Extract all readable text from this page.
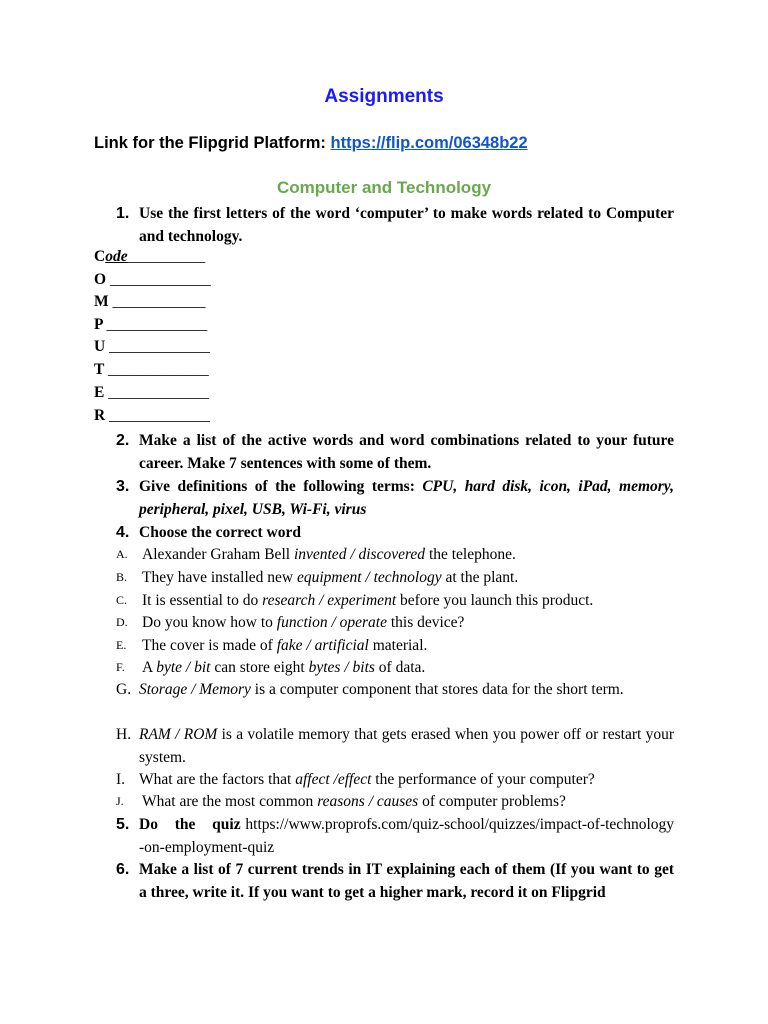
Assignments
Link for the Flipgrid Platform: https://flip.com/06348b22
Computer and Technology
1. Use the first letters of the word ‘computer’ to make words related to Computer and technology.
Code__________
O _____________
M ____________
P _____________
U _____________
T _____________
E _____________
R _____________
2. Make a list of the active words and word combinations related to your future career. Make 7 sentences with some of them.
3. Give definitions of the following terms: CPU, hard disk, icon, iPad, memory, peripheral, pixel, USB, Wi-Fi, virus
4. Choose the correct word
A. Alexander Graham Bell invented / discovered the telephone.
B. They have installed new equipment / technology at the plant.
C. It is essential to do research / experiment before you launch this product.
D. Do you know how to function / operate this device?
E. The cover is made of fake / artificial material.
F. A byte / bit can store eight bytes / bits of data.
G. Storage / Memory is a computer component that stores data for the short term.
H. RAM / ROM is a volatile memory that gets erased when you power off or restart your system.
I. What are the factors that affect /effect the performance of your computer?
J. What are the most common reasons / causes of computer problems?
5. Do the quiz https://www.proprofs.com/quiz-school/quizzes/impact-of-technology-on-employment-quiz
6. Make a list of 7 current trends in IT explaining each of them (If you want to get a three, write it. If you want to get a higher mark, record it on Flipgrid
